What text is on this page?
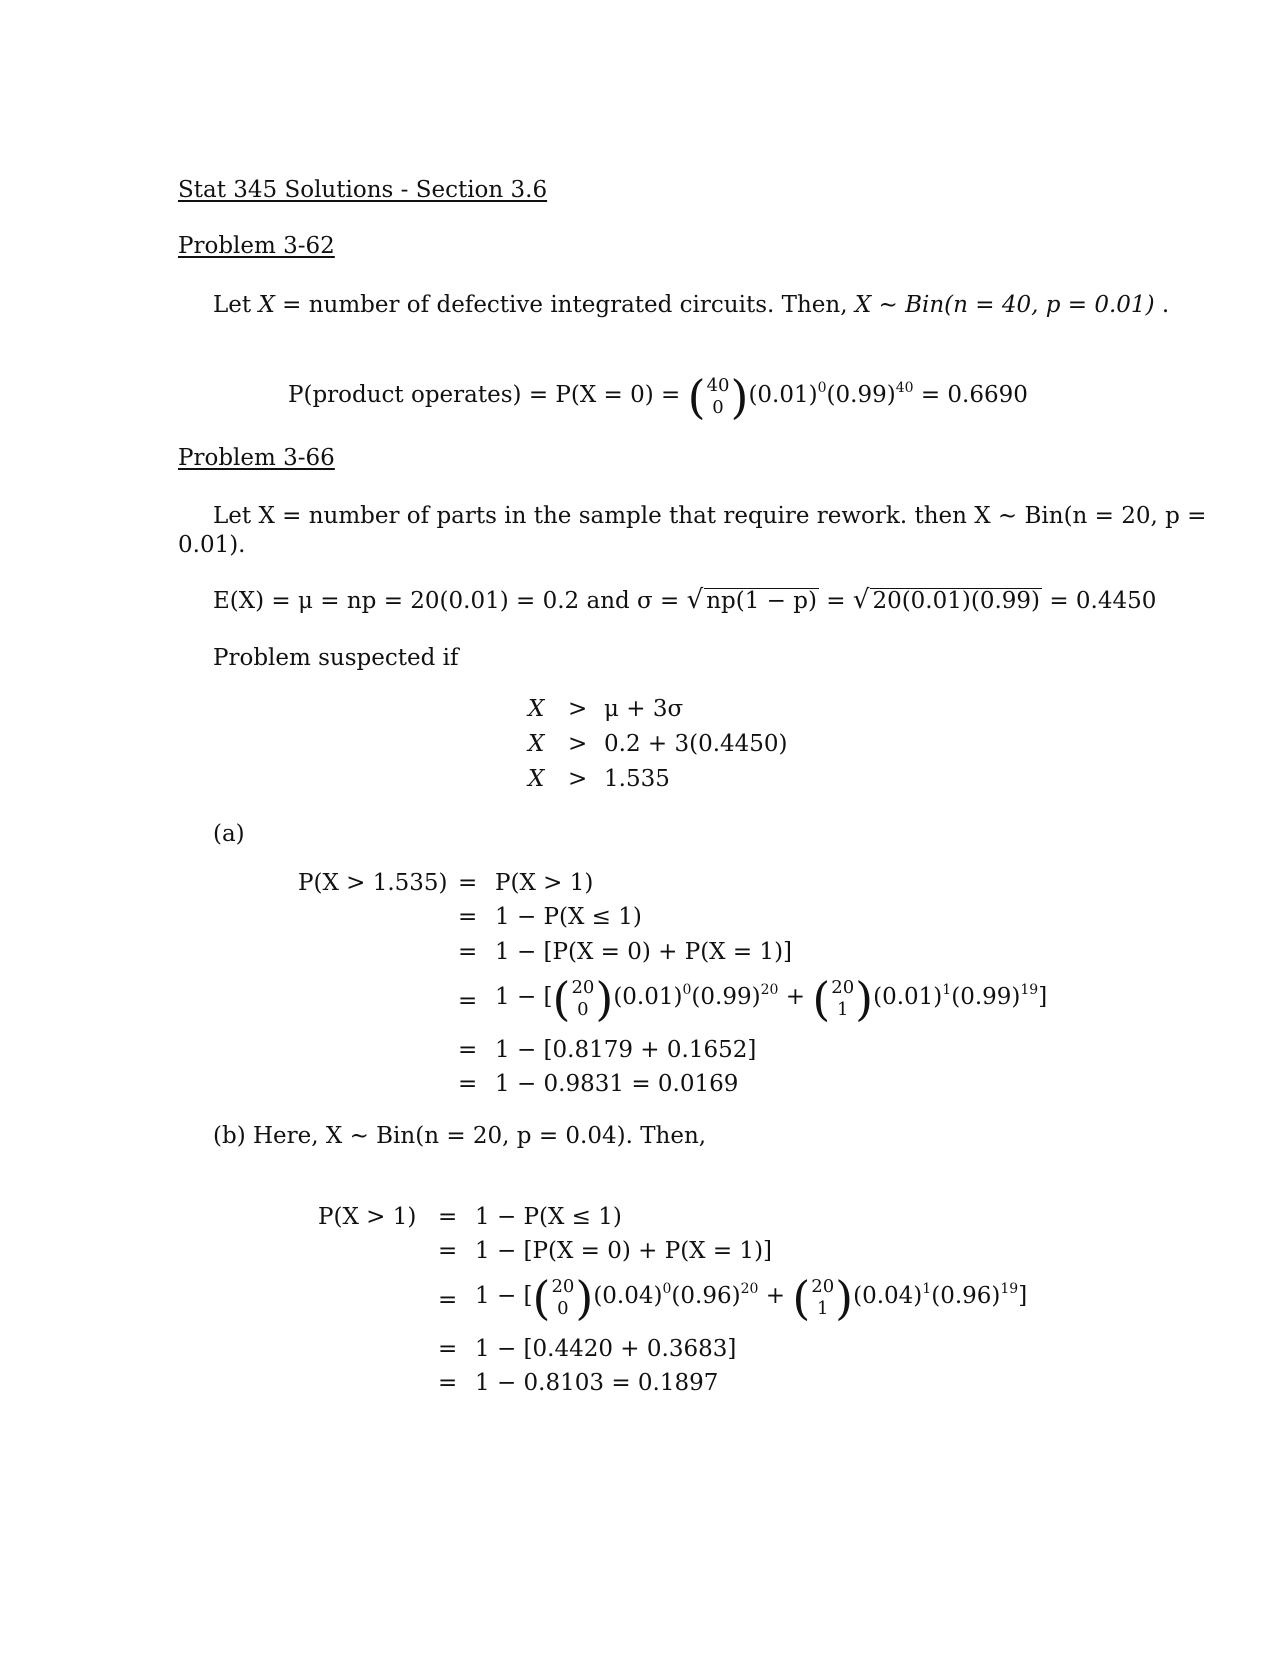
Stat 345 Solutions - Section 3.6
Problem 3-62
Let X = number of defective integrated circuits. Then, X ∼ Bin(n = 40, p = 0.01) .
P(product operates) = P(X = 0) = ( 40
0 )$(0.01)^0(0.99)^{40} = 0.6690$
Problem 3-66
Let X = number of parts in the sample that require rework. then X ∼ Bin(n = 20, p =
0.01).
E(X) = μ = np = 20(0.01) = 0.2 and σ = √ np(1 − p) = √ 20(0.01)(0.99) = 0.4450
Problem suspected if
X > μ + 3σ
X > 0.2 + 3(0.4450)
X > 1.535
(a)
P(X > 1.535) = P(X > 1)
= 1 − P(X ≤ 1)
= 1 − [P(X = 0) + P(X = 1)]
= 1 − [( 20
0 )$(0.01)^0(0.99)^{20}$ + ( 20
1 )$(0.01)^1(0.99)^{19}$]
= 1 − [0.8179 + 0.1652]
= 1 − 0.9831 = 0.0169
(b) Here, X ∼ Bin(n = 20, p = 0.04). Then,
P(X > 1) = 1 − P(X ≤ 1)
= 1 − [P(X = 0) + P(X = 1)]
= 1 − [( 20
0 )$(0.04)^0(0.96)^{20}$ + ( 20
1 )$(0.04)^1(0.96)^{19}$]
= 1 − [0.4420 + 0.3683]
= 1 − 0.8103 = 0.1897
